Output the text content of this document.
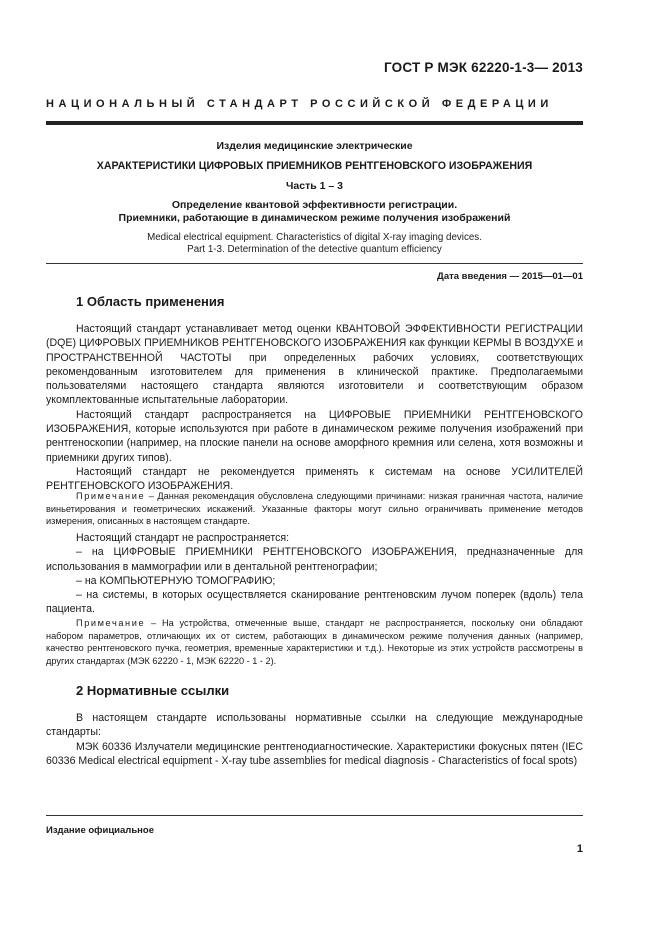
ГОСТ Р МЭК 62220-1-3— 2013
НАЦИОНАЛЬНЫЙ СТАНДАРТ РОССИЙСКОЙ ФЕДЕРАЦИИ
Изделия медицинские электрические
ХАРАКТЕРИСТИКИ ЦИФРОВЫХ ПРИЕМНИКОВ РЕНТГЕНОВСКОГО ИЗОБРАЖЕНИЯ
Часть 1 – 3
Определение квантовой эффективности регистрации.
Приемники, работающие в динамическом режиме получения изображений
Medical electrical equipment. Characteristics of digital X-ray imaging devices.
Part 1-3. Determination of the detective quantum efficiency
Дата введения — 2015—01—01
1 Область применения

Настоящий стандарт устанавливает метод оценки КВАНТОВОЙ ЭФФЕКТИВНОСТИ РЕГИСТРАЦИИ (DQE) ЦИФРОВЫХ ПРИЕМНИКОВ РЕНТГЕНОВСКОГО ИЗОБРАЖЕНИЯ как функции КЕРМЫ В ВОЗДУХЕ и ПРОСТРАНСТВЕННОЙ ЧАСТОТЫ при определенных рабочих условиях, соответствующих рекомендованным изготовителем для применения в клинической практике. Предполагаемыми пользователями настоящего стандарта являются изготовители и соответствующим образом укомплектованные испытательные лаборатории.

Настоящий стандарт распространяется на ЦИФРОВЫЕ ПРИЕМНИКИ РЕНТГЕНОВСКОГО ИЗОБРАЖЕНИЯ, которые используются при работе в динамическом режиме получения изображений при рентгеноскопии (например, на плоские панели на основе аморфного кремния или селена, хотя возможны и приемники других типов).

Настоящий стандарт не рекомендуется применять к системам на основе УСИЛИТЕЛЕЙ РЕНТГЕНОВСКОГО ИЗОБРАЖЕНИЯ.

Примечание – Данная рекомендация обусловлена следующими причинами: низкая граничная частота, наличие виньетирования и геометрических искажений. Указанные факторы могут сильно ограничивать применение методов измерения, описанных в настоящем стандарте.

Настоящий стандарт не распространяется:

– на ЦИФРОВЫЕ ПРИЕМНИКИ РЕНТГЕНОВСКОГО ИЗОБРАЖЕНИЯ, предназначенные для использования в маммографии или в дентальной рентгенографии;

– на КОМПЬЮТЕРНУЮ ТОМОГРАФИЮ;

– на системы, в которых осуществляется сканирование рентгеновским лучом поперек (вдоль) тела пациента.

Примечание – На устройства, отмеченные выше, стандарт не распространяется, поскольку они обладают набором параметров, отличающих их от систем, работающих в динамическом режиме получения данных (например, качество рентгеновского пучка, геометрия, временные характеристики и т.д.). Некоторые из этих устройств рассмотрены в других стандартах (МЭК 62220 - 1, МЭК 62220 - 1 - 2).

2 Нормативные ссылки

В настоящем стандарте использованы нормативные ссылки на следующие международные стандарты:

МЭК 60336 Излучатели медицинские рентгенодиагностические. Характеристики фокусных пятен (IEC 60336 Medical electrical equipment - X-ray tube assemblies for medical diagnosis - Characteristics of focal spots)

Издание официальное
1
